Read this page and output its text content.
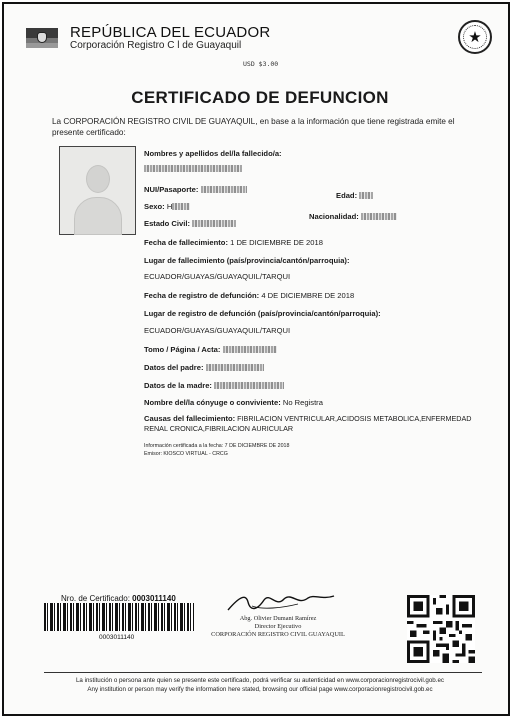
REPÚBLICA DEL ECUADOR
Corporación Registro C l de Guayaquil	★
USD $3.00
CERTIFICADO DE DEFUNCION
La CORPORACIÓN REGISTRO CIVIL DE GUAYAQUIL, en base a la información que tiene registrada emite el presente certificado:
Nombres y apellidos del/la fallecido/a:
NUI/Pasaporte:
Edad:
Sexo: H
Nacionalidad:
Estado Civil:
Fecha de fallecimiento: 1 DE DICIEMBRE DE 2018
Lugar de fallecimiento (país/provincia/cantón/parroquia):
ECUADOR/GUAYAS/GUAYAQUIL/TARQUI
Fecha de registro de defunción: 4 DE DICIEMBRE DE 2018
Lugar de registro de defunción (país/provincia/cantón/parroquia):
ECUADOR/GUAYAS/GUAYAQUIL/TARQUI
Tomo / Página / Acta:
Datos del padre:
Datos de la madre:
Nombre del/la cónyuge o conviviente: No Registra
Causas del fallecimiento: FIBRILACION VENTRICULAR,ACIDOSIS METABOLICA,ENFERMEDAD RENAL CRONICA,FIBRILACION AURICULAR
Información certificada a la fecha: 7 DE DICIEMBRE DE 2018
Emisor: KIOSCO VIRTUAL - CRCG
Nro. de Certificado: 0003011140
0003011140
Abg. Olivier Dumani Ramírez
Director Ejecutivo
CORPORACIÓN REGISTRO CIVIL GUAYAQUIL
La institución o persona ante quien se presente este certificado, podrá verificar su autenticidad en www.corporacionregistrocivil.gob.ec
Any institution or person may verify the information here stated, browsing our official page www.corporacionregistrocivil.gob.ec
